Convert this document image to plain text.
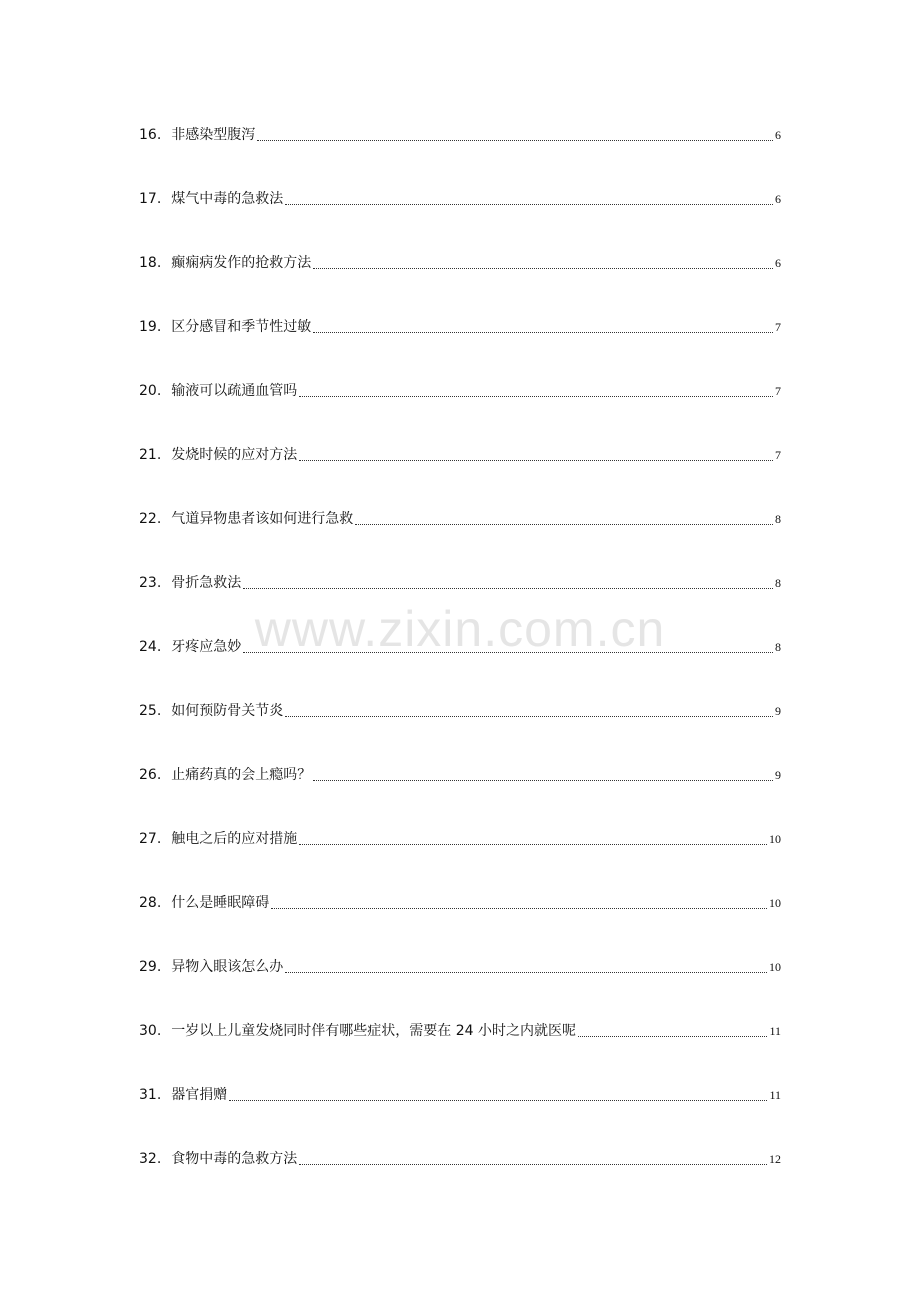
16. 非感染型腹泻	6
17. 煤气中毒的急救法	6
18. 癫痫病发作的抢救方法	6
19. 区分感冒和季节性过敏	7
20. 输液可以疏通血管吗	7
21. 发烧时候的应对方法	7
22. 气道异物患者该如何进行急救	8
23. 骨折急救法	8
24. 牙疼应急妙	8
25. 如何预防骨关节炎	9
26. 止痛药真的会上瘾吗？	9
27. 触电之后的应对措施	10
28. 什么是睡眠障碍	10
29. 异物入眼该怎么办	10
30. 一岁以上儿童发烧同时伴有哪些症状，需要在 24 小时之内就医呢	11
31. 器官捐赠	11
32. 食物中毒的急救方法	12
www.zixin.com.cn
